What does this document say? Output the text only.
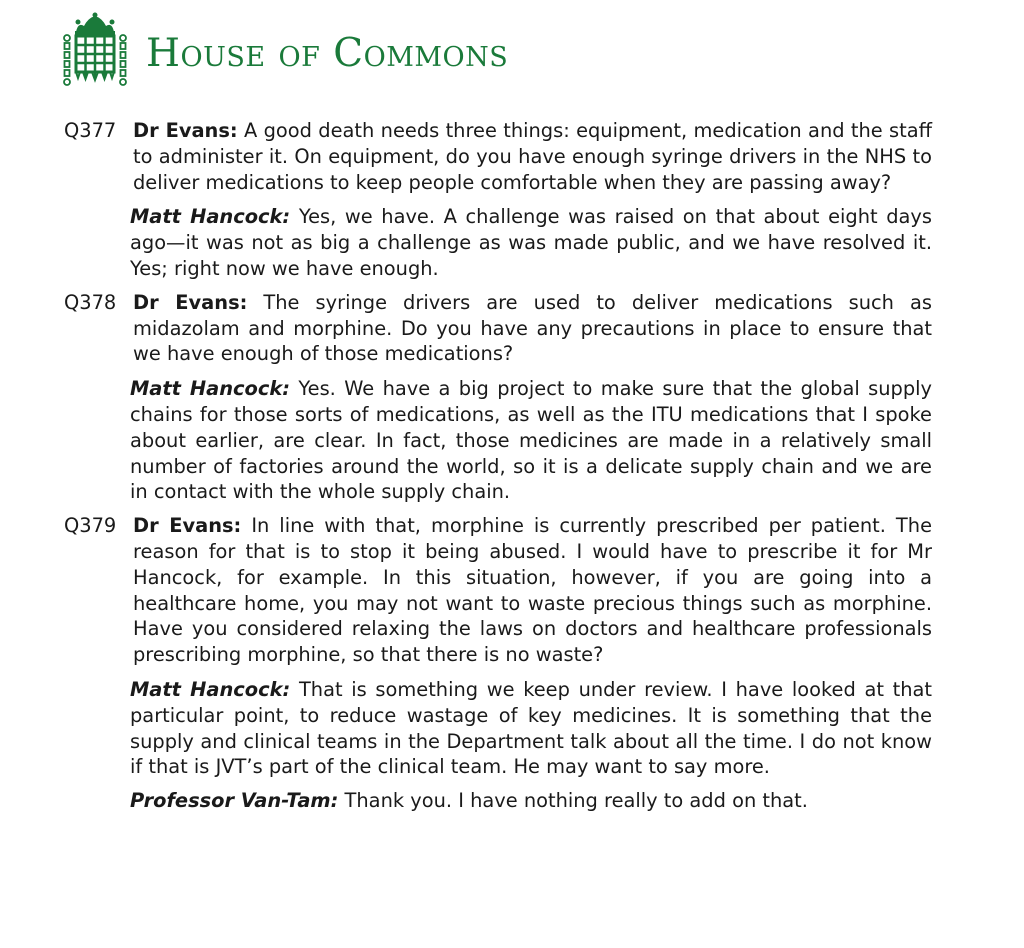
House of Commons
Q377 Dr Evans: A good death needs three things: equipment, medication and the staff to administer it. On equipment, do you have enough syringe drivers in the NHS to deliver medications to keep people comfortable when they are passing away?
Matt Hancock: Yes, we have. A challenge was raised on that about eight days ago—it was not as big a challenge as was made public, and we have resolved it. Yes; right now we have enough.
Q378 Dr Evans: The syringe drivers are used to deliver medications such as midazolam and morphine. Do you have any precautions in place to ensure that we have enough of those medications?
Matt Hancock: Yes. We have a big project to make sure that the global supply chains for those sorts of medications, as well as the ITU medications that I spoke about earlier, are clear. In fact, those medicines are made in a relatively small number of factories around the world, so it is a delicate supply chain and we are in contact with the whole supply chain.
Q379 Dr Evans: In line with that, morphine is currently prescribed per patient. The reason for that is to stop it being abused. I would have to prescribe it for Mr Hancock, for example. In this situation, however, if you are going into a healthcare home, you may not want to waste precious things such as morphine. Have you considered relaxing the laws on doctors and healthcare professionals prescribing morphine, so that there is no waste?
Matt Hancock: That is something we keep under review. I have looked at that particular point, to reduce wastage of key medicines. It is something that the supply and clinical teams in the Department talk about all the time. I do not know if that is JVT’s part of the clinical team. He may want to say more.
Professor Van-Tam: Thank you. I have nothing really to add on that.
